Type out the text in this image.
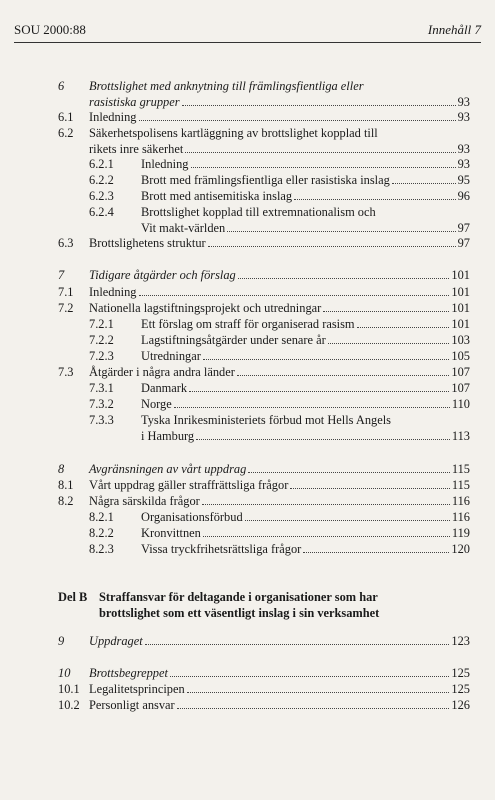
SOU 2000:88	Innehåll 7
6 Brottslighet med anknytning till främlingsfientliga eller
rasistiska grupper	93
6.1 Inledning	93
6.2 Säkerhetspolisens kartläggning av brottslighet kopplad till
rikets inre säkerhet	93
6.2.1 Inledning	93
6.2.2 Brott med främlingsfientliga eller rasistiska inslag	95
6.2.3 Brott med antisemitiska inslag	96
6.2.4 Brottslighet kopplad till extremnationalism och
Vit makt-världen	97
6.3 Brottslighetens struktur	97
7 Tidigare åtgärder och förslag	101
7.1 Inledning	101
7.2 Nationella lagstiftningsprojekt och utredningar	101
7.2.1 Ett förslag om straff för organiserad rasism	101
7.2.2 Lagstiftningsåtgärder under senare år	103
7.2.3 Utredningar	105
7.3 Åtgärder i några andra länder	107
7.3.1 Danmark	107
7.3.2 Norge	110
7.3.3 Tyska Inrikesministeriets förbud mot Hells Angels
i Hamburg	113
8 Avgränsningen av vårt uppdrag	115
8.1 Vårt uppdrag gäller straffrättsliga frågor	115
8.2 Några särskilda frågor	116
8.2.1 Organisationsförbud	116
8.2.2 Kronvittnen	119
8.2.3 Vissa tryckfrihetsrättsliga frågor	120
Del B Straffansvar för deltagande i organisationer som har
brottslighet som ett väsentligt inslag i sin verksamhet
9 Uppdraget	123
10 Brottsbegreppet	125
10.1 Legalitetsprincipen	125
10.2 Personligt ansvar	126
